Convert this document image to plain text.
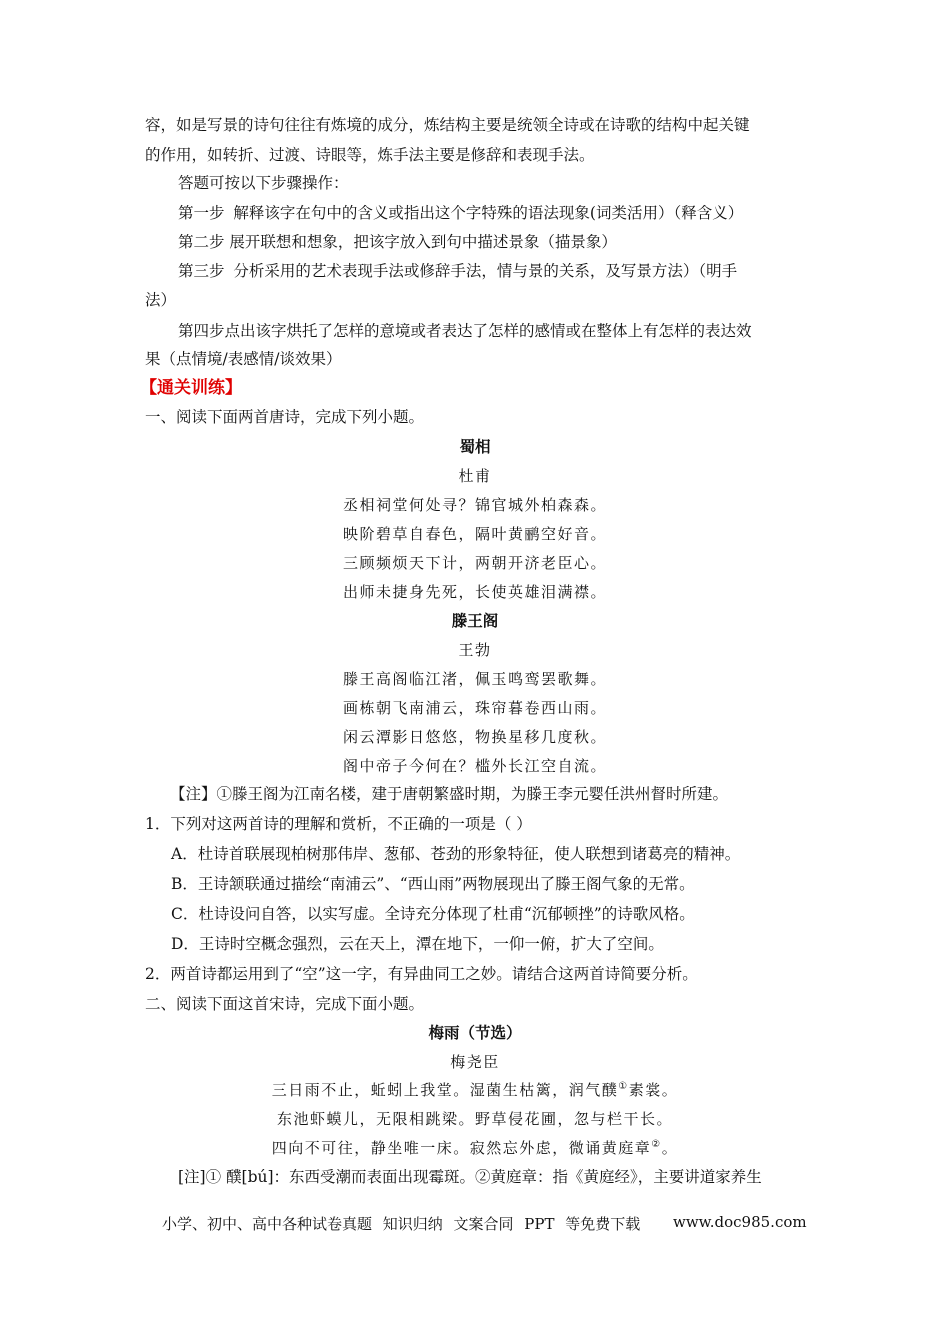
容，如是写景的诗句往往有炼境的成分，炼结构主要是统领全诗或在诗歌的结构中起关键
的作用，如转折、过渡、诗眼等，炼手法主要是修辞和表现手法。
答题可按以下步骤操作：
第一步 解释该字在句中的含义或指出这个字特殊的语法现象(词类活用）（释含义）
第二步 展开联想和想象，把该字放入到句中描述景象（描景象）
第三步 分析采用的艺术表现手法或修辞手法，情与景的关系，及写景方法）（明手
法）
第四步点出该字烘托了怎样的意境或者表达了怎样的感情或在整体上有怎样的表达效
果（点情境/表感情/谈效果）
【通关训练】
一、阅读下面两首唐诗，完成下列小题。
蜀相
杜甫
丞相祠堂何处寻？锦官城外柏森森。
映阶碧草自春色，隔叶黄鹂空好音。
三顾频烦天下计，两朝开济老臣心。
出师未捷身先死，长使英雄泪满襟。
滕王阁
王勃
滕王高阁临江渚，佩玉鸣鸾罢歌舞。
画栋朝飞南浦云，珠帘暮卷西山雨。
闲云潭影日悠悠，物换星移几度秋。
阁中帝子今何在？槛外长江空自流。
【注】①滕王阁为江南名楼，建于唐朝繁盛时期，为滕王李元婴任洪州督时所建。
1．下列对这两首诗的理解和赏析，不正确的一项是（ ）
A．杜诗首联展现柏树那伟岸、葱郁、苍劲的形象特征，使人联想到诸葛亮的精神。
B．王诗颔联通过描绘“南浦云”、“西山雨”两物展现出了滕王阁气象的无常。
C．杜诗设问自答，以实写虚。全诗充分体现了杜甫“沉郁顿挫”的诗歌风格。
D．王诗时空概念强烈，云在天上，潭在地下，一仰一俯，扩大了空间。
2．两首诗都运用到了“空”这一字，有异曲同工之妙。请结合这两首诗简要分析。
二、阅读下面这首宋诗，完成下面小题。
梅雨（节选）
梅尧臣
三日雨不止，蚯蚓上我堂。湿菌生枯篱，润气醭①素裳。
东池虾蟆儿，无限相跳梁。野草侵花圃，忽与栏干长。
四向不可往，静坐唯一床。寂然忘外虑，微诵黄庭章②。
[注]① 醭[bú]：东西受潮而表面出现霉斑。②黄庭章：指《黄庭经》，主要讲道家养生
小学、初中、高中各种试卷真题 知识归纳 文案合同 PPT 等免费下载 www.doc985.com
